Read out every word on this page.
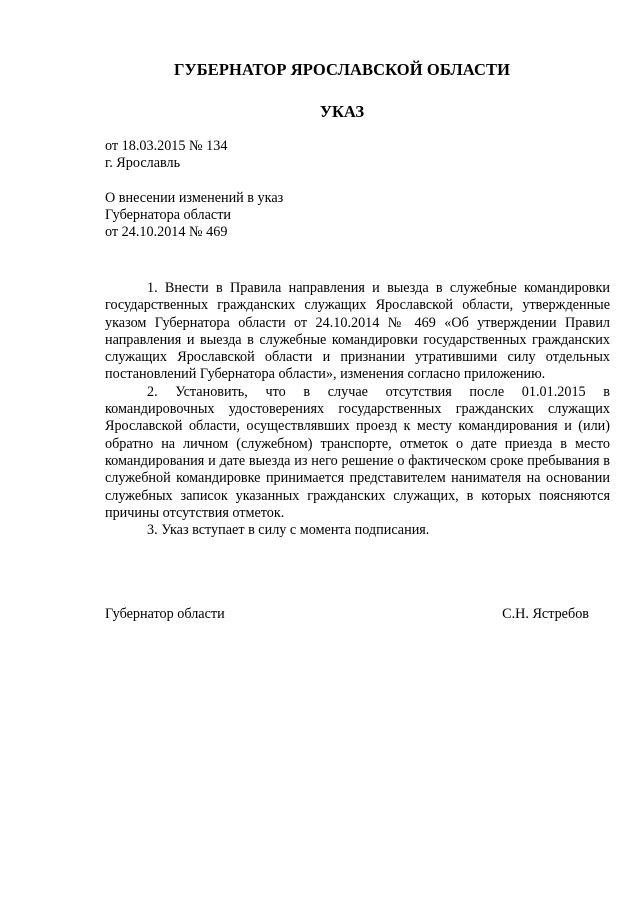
ГУБЕРНАТОР ЯРОСЛАВСКОЙ ОБЛАСТИ
УКАЗ
от 18.03.2015 № 134
г. Ярославль
О внесении изменений в указ
Губернатора области
от 24.10.2014 № 469

1. Внести в Правила направления и выезда в служебные командировки государственных гражданских служащих Ярославской области, утвержденные указом Губернатора области от 24.10.2014 № 469 «Об утверждении Правил направления и выезда в служебные командировки государственных гражданских служащих Ярославской области и признании утратившими силу отдельных постановлений Губернатора области», изменения согласно приложению.

2. Установить, что в случае отсутствия после 01.01.2015 в командировочных удостоверениях государственных гражданских служащих Ярославской области, осуществлявших проезд к месту командирования и (или) обратно на личном (служебном) транспорте, отметок о дате приезда в место командирования и дате выезда из него решение о фактическом сроке пребывания в служебной командировке принимается представителем нанимателя на основании служебных записок указанных гражданских служащих, в которых поясняются причины отсутствия отметок.

3. Указ вступает в силу с момента подписания.

Губернатор области	С.Н. Ястребов
